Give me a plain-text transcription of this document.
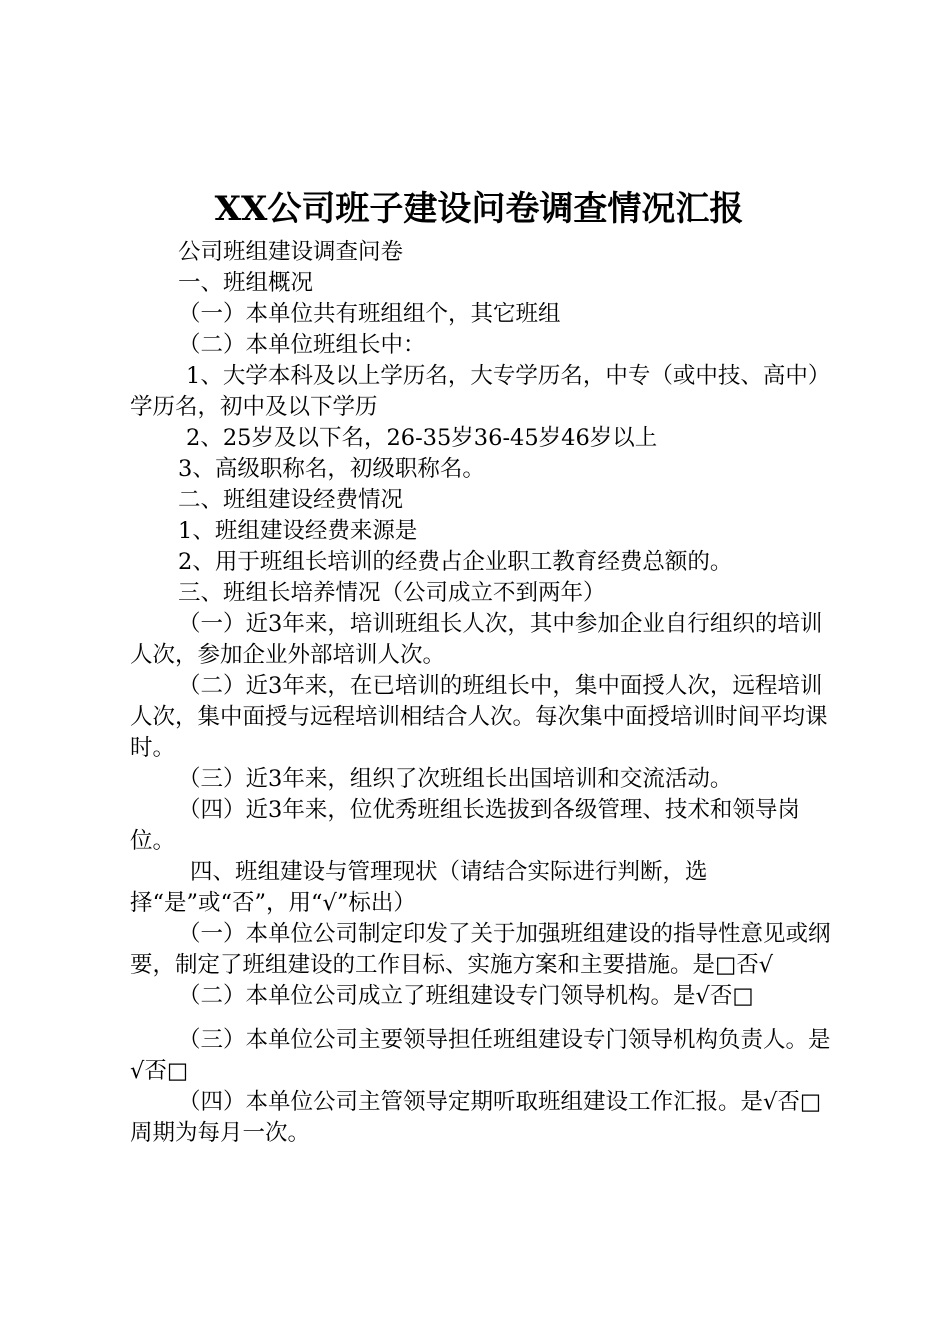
XX公司班子建设问卷调查情况汇报

公司班组建设调查问卷

一、班组概况

（一）本单位共有班组组个，其它班组

（二）本单位班组长中：

1、大学本科及以上学历名，大专学历名，中专（或中技、高中）学历名，初中及以下学历

2、25岁及以下名，26-35岁36-45岁46岁以上

3、高级职称名，初级职称名。

二、班组建设经费情况

1、班组建设经费来源是

2、用于班组长培训的经费占企业职工教育经费总额的。

三、班组长培养情况（公司成立不到两年）

（一）近3年来，培训班组长人次，其中参加企业自行组织的培训人次，参加企业外部培训人次。

（二）近3年来，在已培训的班组长中，集中面授人次，远程培训人次，集中面授与远程培训相结合人次。每次集中面授培训时间平均课时。

（三）近3年来，组织了次班组长出国培训和交流活动。

（四）近3年来，位优秀班组长选拔到各级管理、技术和领导岗位。

四、班组建设与管理现状（请结合实际进行判断，选择“是”或“否”，用“√”标出）

（一）本单位公司制定印发了关于加强班组建设的指导性意见或纲要，制定了班组建设的工作目标、实施方案和主要措施。是□否√

（二）本单位公司成立了班组建设专门领导机构。是√否□

（三）本单位公司主要领导担任班组建设专门领导机构负责人。是√否□

（四）本单位公司主管领导定期听取班组建设工作汇报。是√否□周期为每月一次。
